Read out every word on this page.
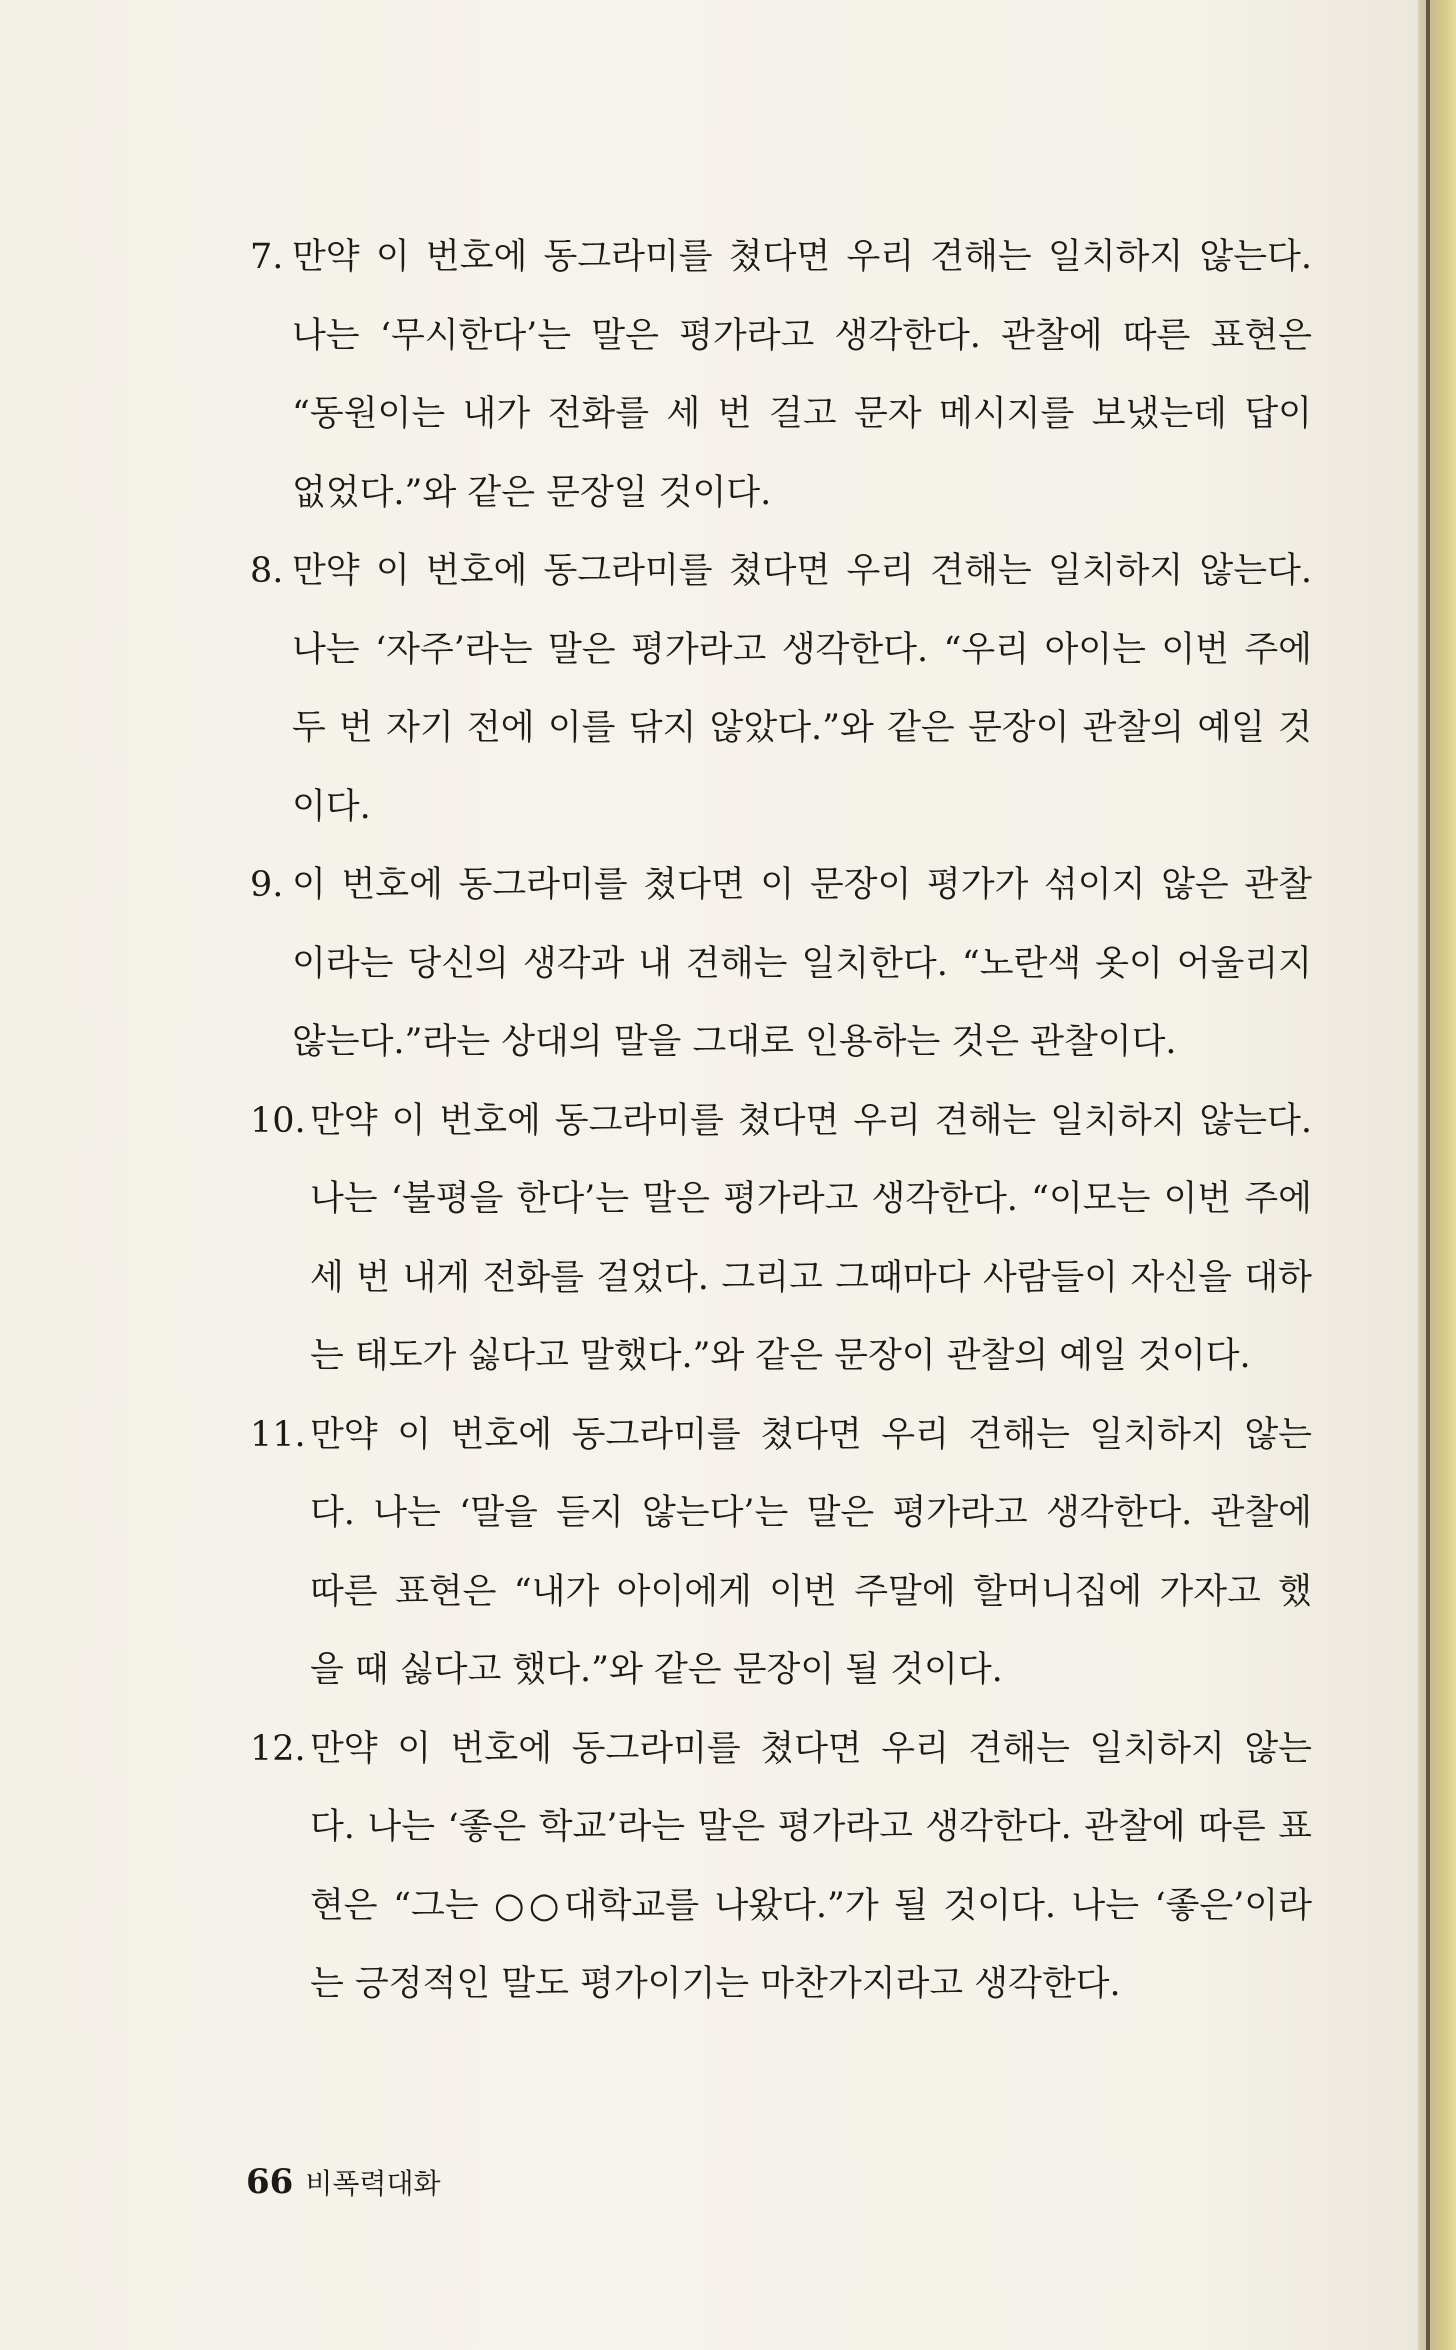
7. 만약 이 번호에 동그라미를 쳤다면 우리 견해는 일치하지 않는다.
나는 ‘무시한다’는 말은 평가라고 생각한다. 관찰에 따른 표현은
“동원이는 내가 전화를 세 번 걸고 문자 메시지를 보냈는데 답이
없었다.”와 같은 문장일 것이다.
8. 만약 이 번호에 동그라미를 쳤다면 우리 견해는 일치하지 않는다.
나는 ‘자주’라는 말은 평가라고 생각한다. “우리 아이는 이번 주에
두 번 자기 전에 이를 닦지 않았다.”와 같은 문장이 관찰의 예일 것
이다.
9. 이 번호에 동그라미를 쳤다면 이 문장이 평가가 섞이지 않은 관찰
이라는 당신의 생각과 내 견해는 일치한다. “노란색 옷이 어울리지
않는다.”라는 상대의 말을 그대로 인용하는 것은 관찰이다.
10. 만약 이 번호에 동그라미를 쳤다면 우리 견해는 일치하지 않는다.
나는 ‘불평을 한다’는 말은 평가라고 생각한다. “이모는 이번 주에
세 번 내게 전화를 걸었다. 그리고 그때마다 사람들이 자신을 대하
는 태도가 싫다고 말했다.”와 같은 문장이 관찰의 예일 것이다.
11. 만약 이 번호에 동그라미를 쳤다면 우리 견해는 일치하지 않는
다. 나는 ‘말을 듣지 않는다’는 말은 평가라고 생각한다. 관찰에
따른 표현은 “내가 아이에게 이번 주말에 할머니집에 가자고 했
을 때 싫다고 했다.”와 같은 문장이 될 것이다.
12. 만약 이 번호에 동그라미를 쳤다면 우리 견해는 일치하지 않는
다. 나는 ‘좋은 학교’라는 말은 평가라고 생각한다. 관찰에 따른 표
현은 “그는 ○○대학교를 나왔다.”가 될 것이다. 나는 ‘좋은’이라
는 긍정적인 말도 평가이기는 마찬가지라고 생각한다.
66 비폭력대화
